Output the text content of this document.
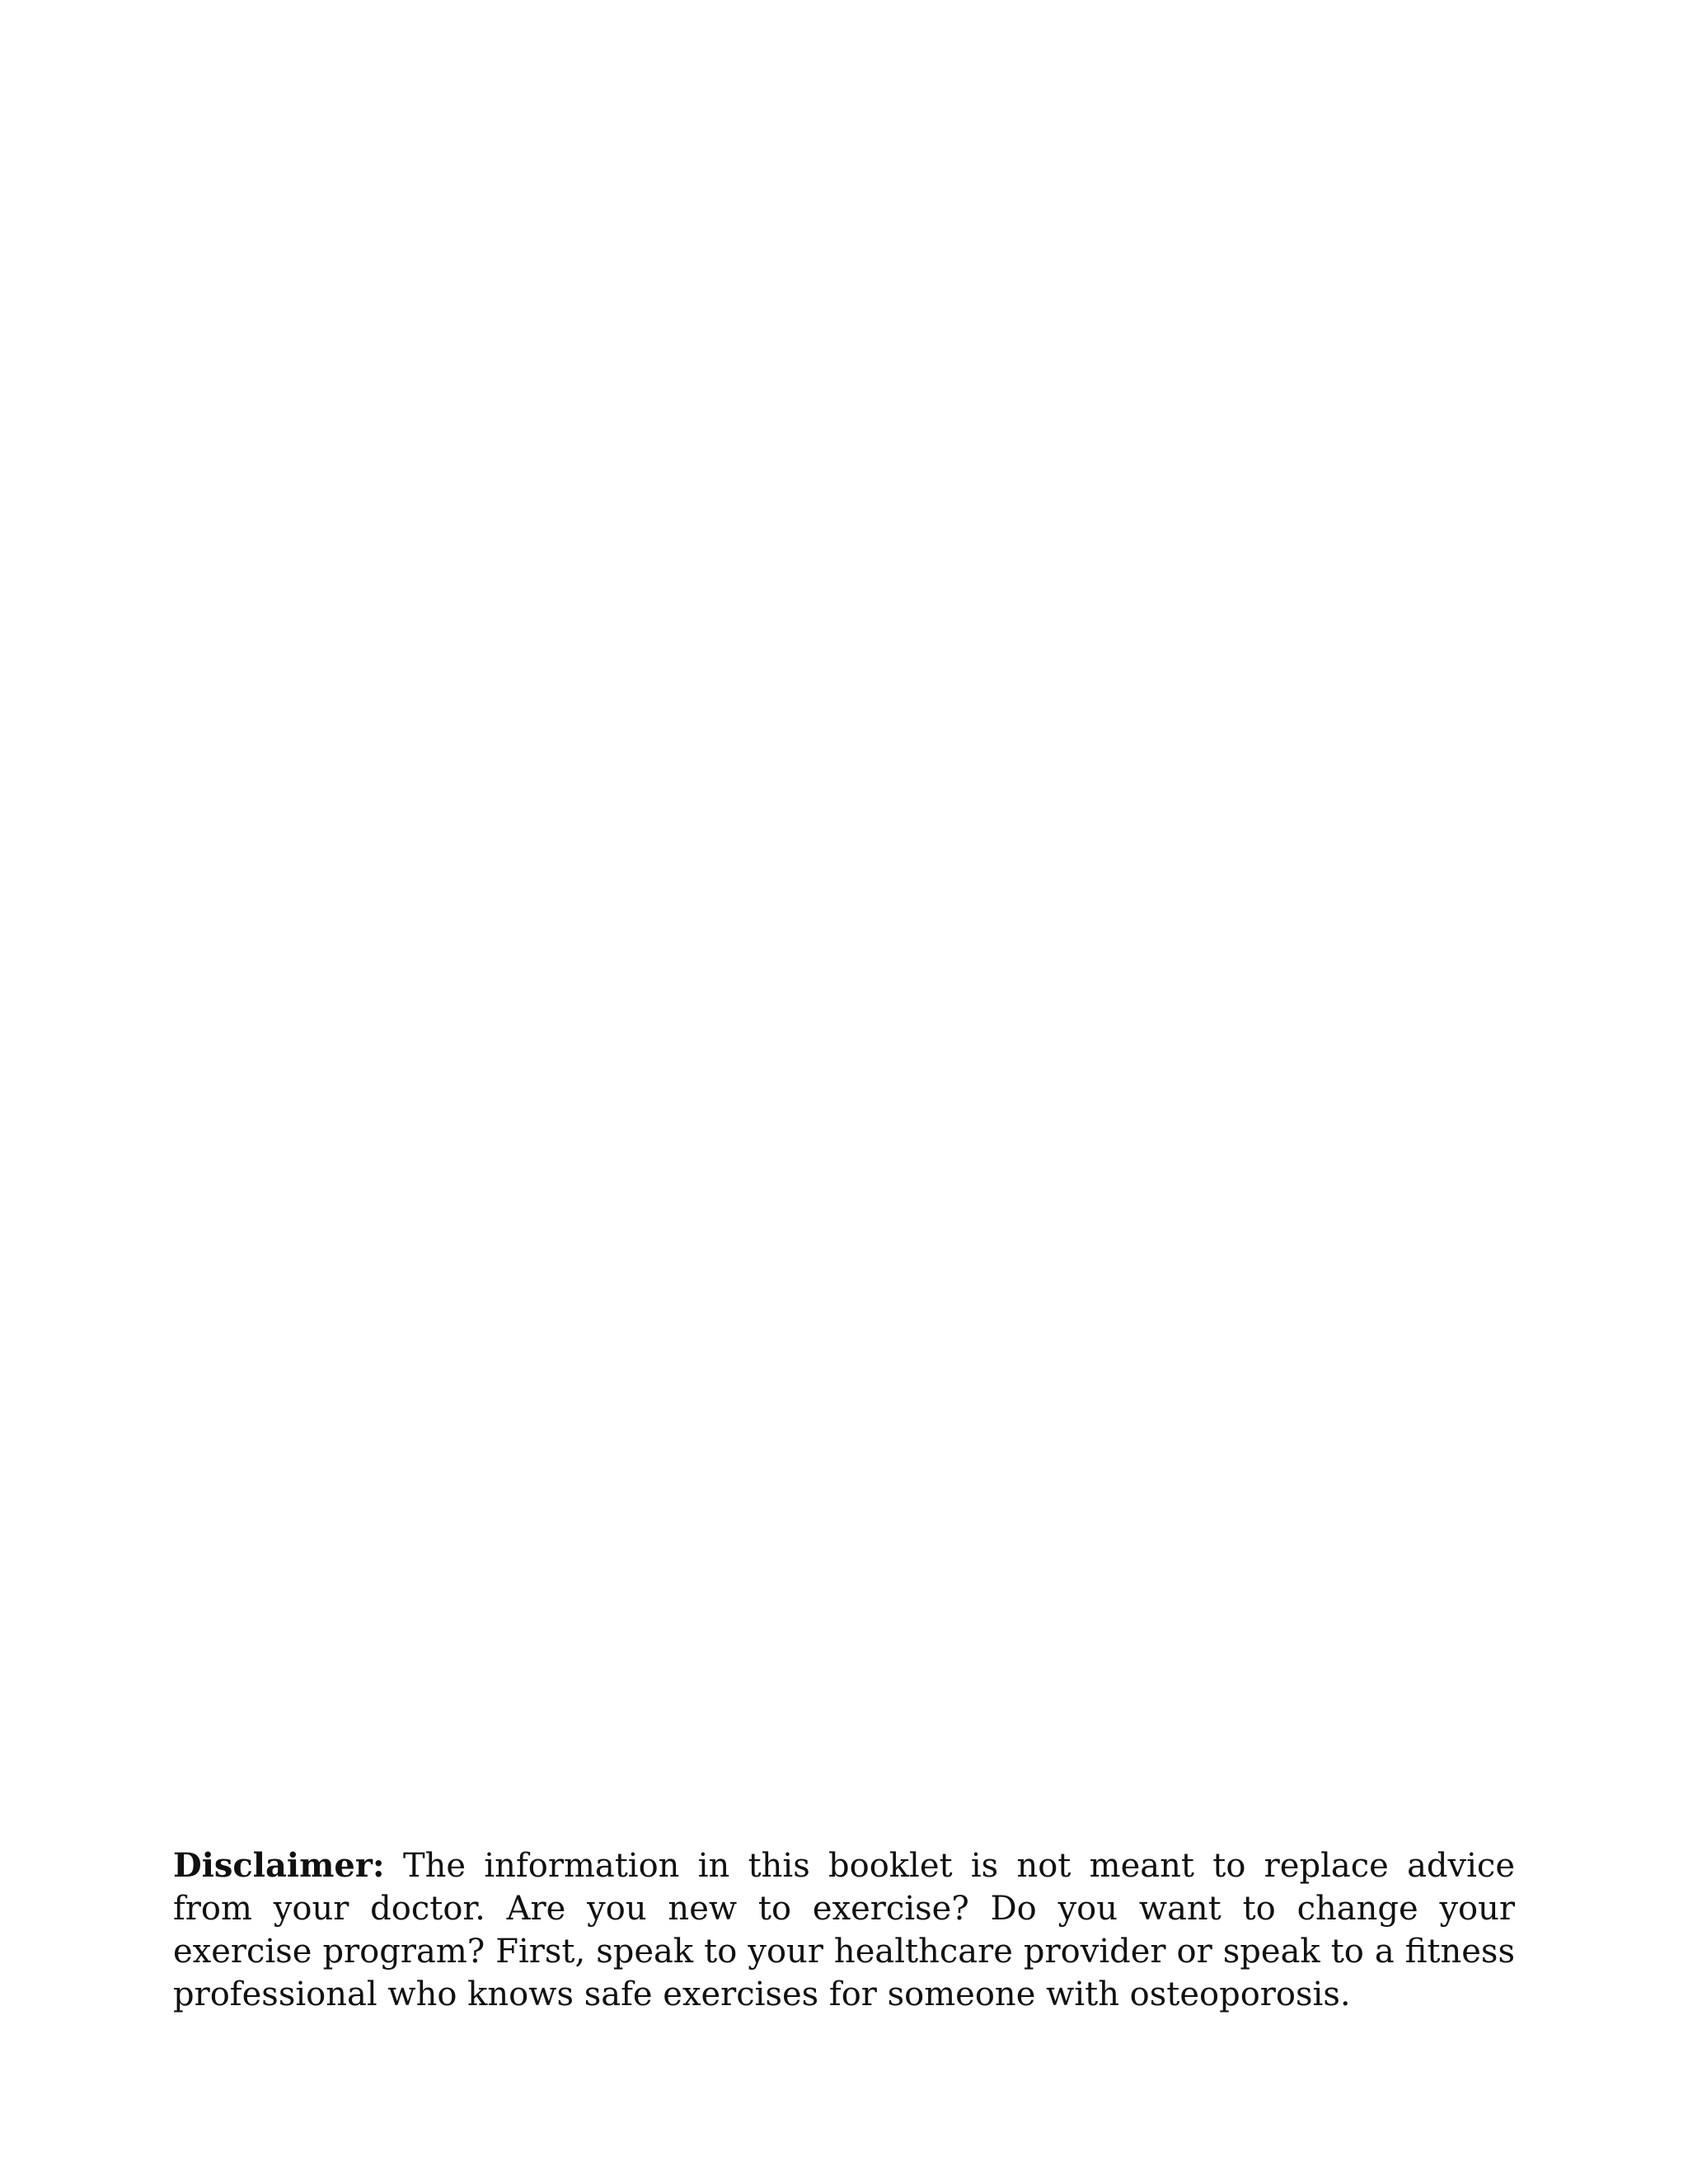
Disclaimer: The information in this booklet is not meant to replace advice from your doctor. Are you new to exercise? Do you want to change your exercise program? First, speak to your healthcare provider or speak to a fitness professional who knows safe exercises for someone with osteoporosis.
